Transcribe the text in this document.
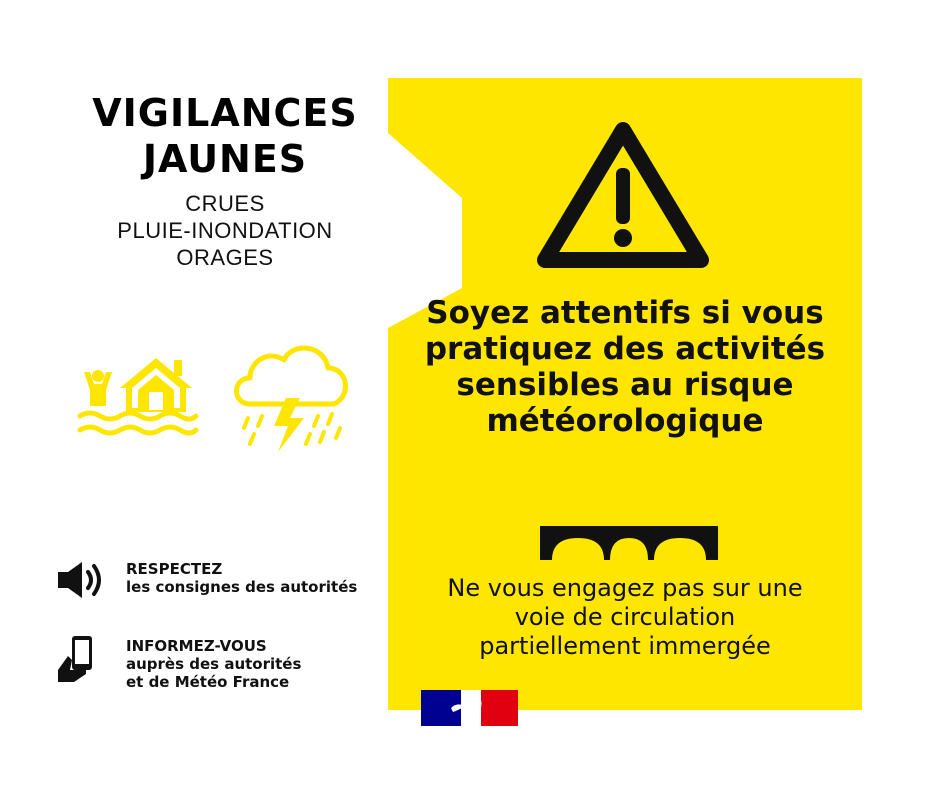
VIGILANCES
JAUNES
CRUES
PLUIE-INONDATION
ORAGES
Soyez attentifs si vous
pratiquez des activités
sensibles au risque
météorologique
Ne vous engagez pas sur une
voie de circulation
partiellement immergée
RESPECTEZ
les consignes des autorités
INFORMEZ-VOUS
auprès des autorités
et de Météo France
